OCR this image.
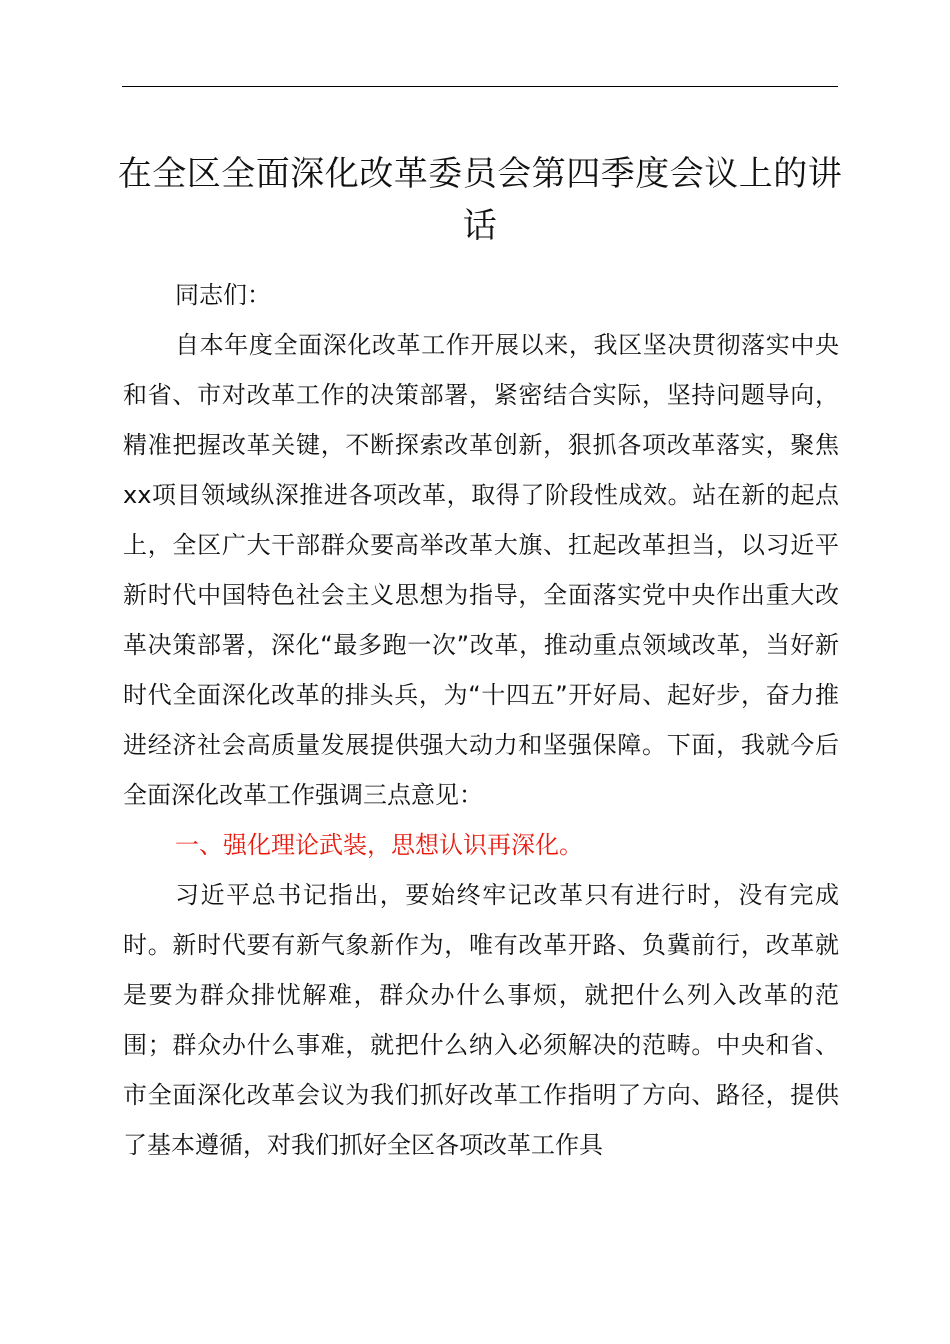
在全区全面深化改革委员会第四季度会议上的讲话

同志们：

自本年度全面深化改革工作开展以来，我区坚决贯彻落实中央和省、市对改革工作的决策部署，紧密结合实际，坚持问题导向，精准把握改革关键，不断探索改革创新，狠抓各项改革落实，聚焦xx项目领域纵深推进各项改革，取得了阶段性成效。站在新的起点上，全区广大干部群众要高举改革大旗、扛起改革担当，以习近平新时代中国特色社会主义思想为指导，全面落实党中央作出重大改革决策部署，深化“最多跑一次”改革，推动重点领域改革，当好新时代全面深化改革的排头兵，为“十四五”开好局、起好步，奋力推进经济社会高质量发展提供强大动力和坚强保障。下面，我就今后全面深化改革工作强调三点意见：

一、强化理论武装，思想认识再深化。

习近平总书记指出，要始终牢记改革只有进行时，没有完成时。新时代要有新气象新作为，唯有改革开路、负冀前行，改革就是要为群众排忧解难，群众办什么事烦，就把什么列入改革的范围；群众办什么事难，就把什么纳入必须解决的范畴。中央和省、市全面深化改革会议为我们抓好改革工作指明了方向、路径，提供了基本遵循，对我们抓好全区各项改革工作具
